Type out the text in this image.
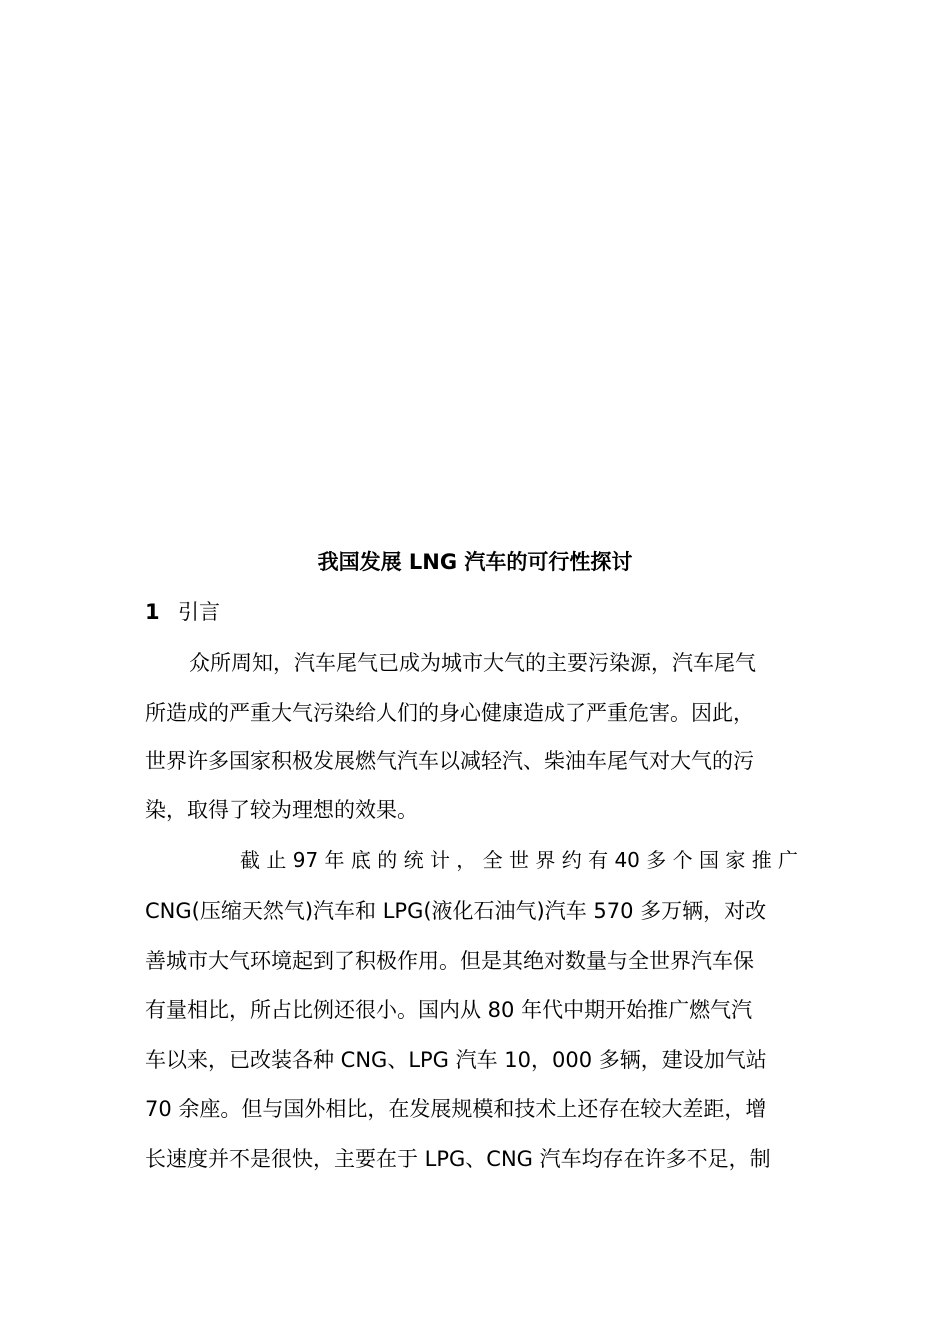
我国发展 LNG 汽车的可行性探讨
1 引言
众所周知，汽车尾气已成为城市大气的主要污染源，汽车尾气
所造成的严重大气污染给人们的身心健康造成了严重危害。因此，
世界许多国家积极发展燃气汽车以减轻汽、柴油车尾气对大气的污
染，取得了较为理想的效果。
截 止 97 年 底 的 统 计 ， 全 世 界 约 有 40 多 个 国 家 推 广
CNG(压缩天然气)汽车和 LPG(液化石油气)汽车 570 多万辆，对改
善城市大气环境起到了积极作用。但是其绝对数量与全世界汽车保
有量相比，所占比例还很小。国内从 80 年代中期开始推广燃气汽
车以来，已改装各种 CNG、LPG 汽车 10，000 多辆，建设加气站
70 余座。但与国外相比，在发展规模和技术上还存在较大差距，增
长速度并不是很快，主要在于 LPG、CNG 汽车均存在许多不足，制
